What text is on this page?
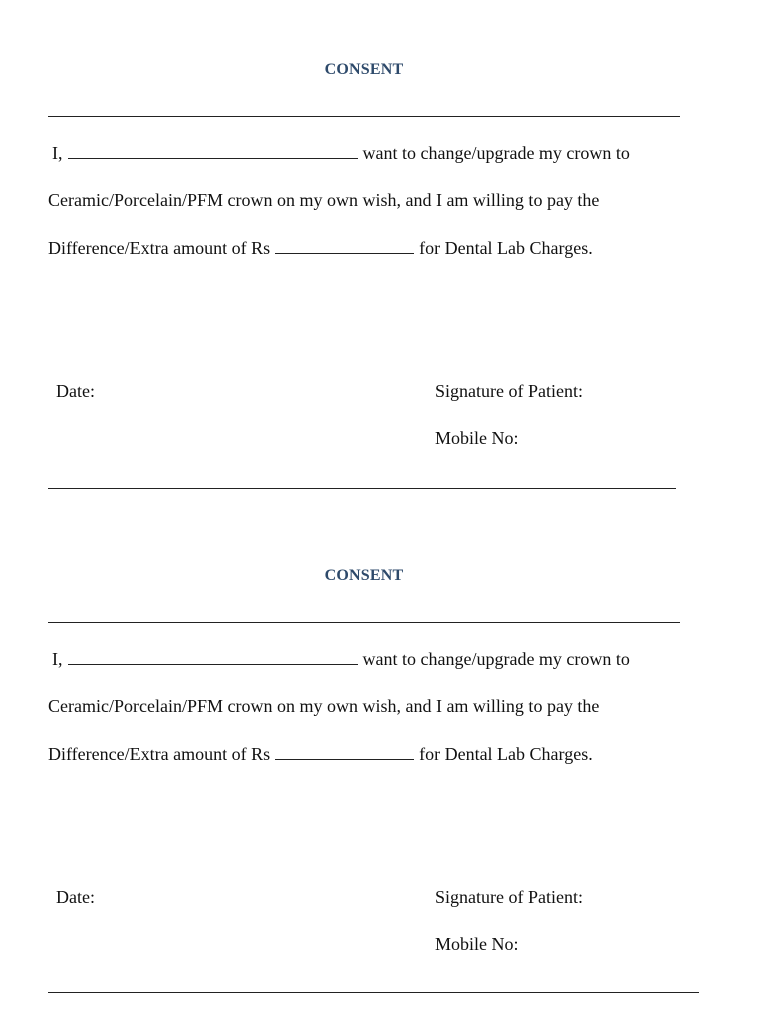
CONSENT
I,	want to change/upgrade my crown to
Ceramic/Porcelain/PFM crown on my own wish, and I am willing to pay the
Difference/Extra amount of Rs	for Dental Lab Charges.
Date:	Signature of Patient:
Mobile No:
CONSENT
I,	want to change/upgrade my crown to
Ceramic/Porcelain/PFM crown on my own wish, and I am willing to pay the
Difference/Extra amount of Rs	for Dental Lab Charges.
Date:	Signature of Patient:
Mobile No:
